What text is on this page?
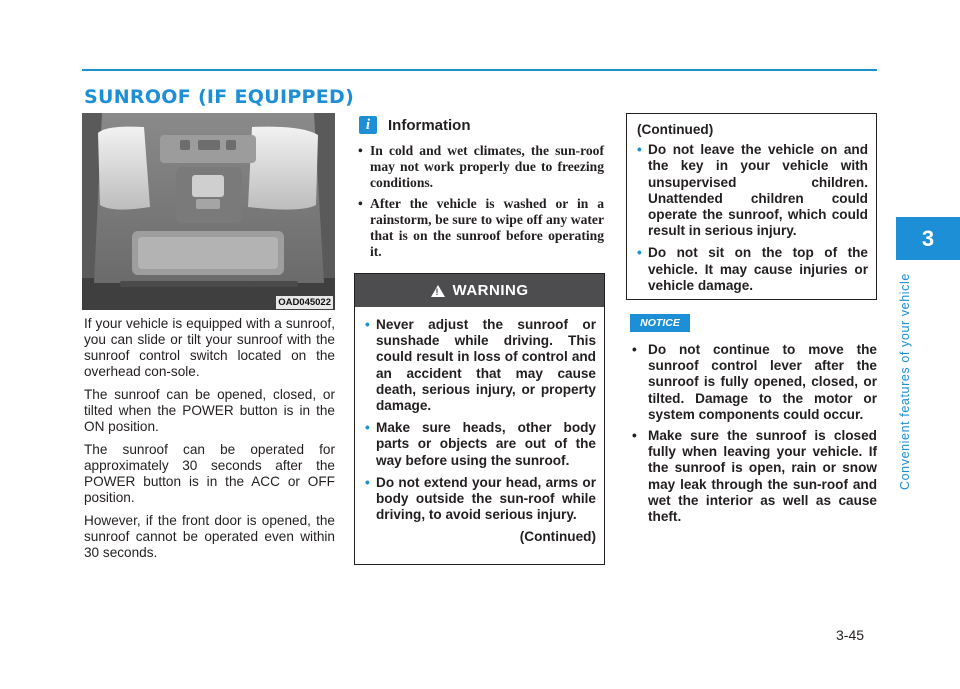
SUNROOF (IF EQUIPPED)
OAD045022

If your vehicle is equipped with a sunroof, you can slide or tilt your sunroof with the sunroof control switch located on the overhead con-sole.

The sunroof can be opened, closed, or tilted when the POWER button is in the ON position.

The sunroof can be operated for approximately 30 seconds after the POWER button is in the ACC or OFF position.

However, if the front door is opened, the sunroof cannot be operated even within 30 seconds.

i	Information
• In cold and wet climates, the sun-roof may not work properly due to freezing conditions.
• After the vehicle is washed or in a rainstorm, be sure to wipe off any water that is on the sunroof before operating it.
! WARNING
• Never adjust the sunroof or sunshade while driving. This could result in loss of control and an accident that may cause death, serious injury, or property damage.
• Make sure heads, other body parts or objects are out of the way before using the sunroof.
• Do not extend your head, arms or body outside the sun-roof while driving, to avoid serious injury.
(Continued)
(Continued)
• Do not leave the vehicle on and the key in your vehicle with unsupervised children. Unattended children could operate the sunroof, which could result in serious injury.
• Do not sit on the top of the vehicle. It may cause injuries or vehicle damage.
NOTICE
• Do not continue to move the sunroof control lever after the sunroof is fully opened, closed, or tilted. Damage to the motor or system components could occur.
• Make sure the sunroof is closed fully when leaving your vehicle. If the sunroof is open, rain or snow may leak through the sun-roof and wet the interior as well as cause theft.
3
Convenient features of your vehicle
3-45
